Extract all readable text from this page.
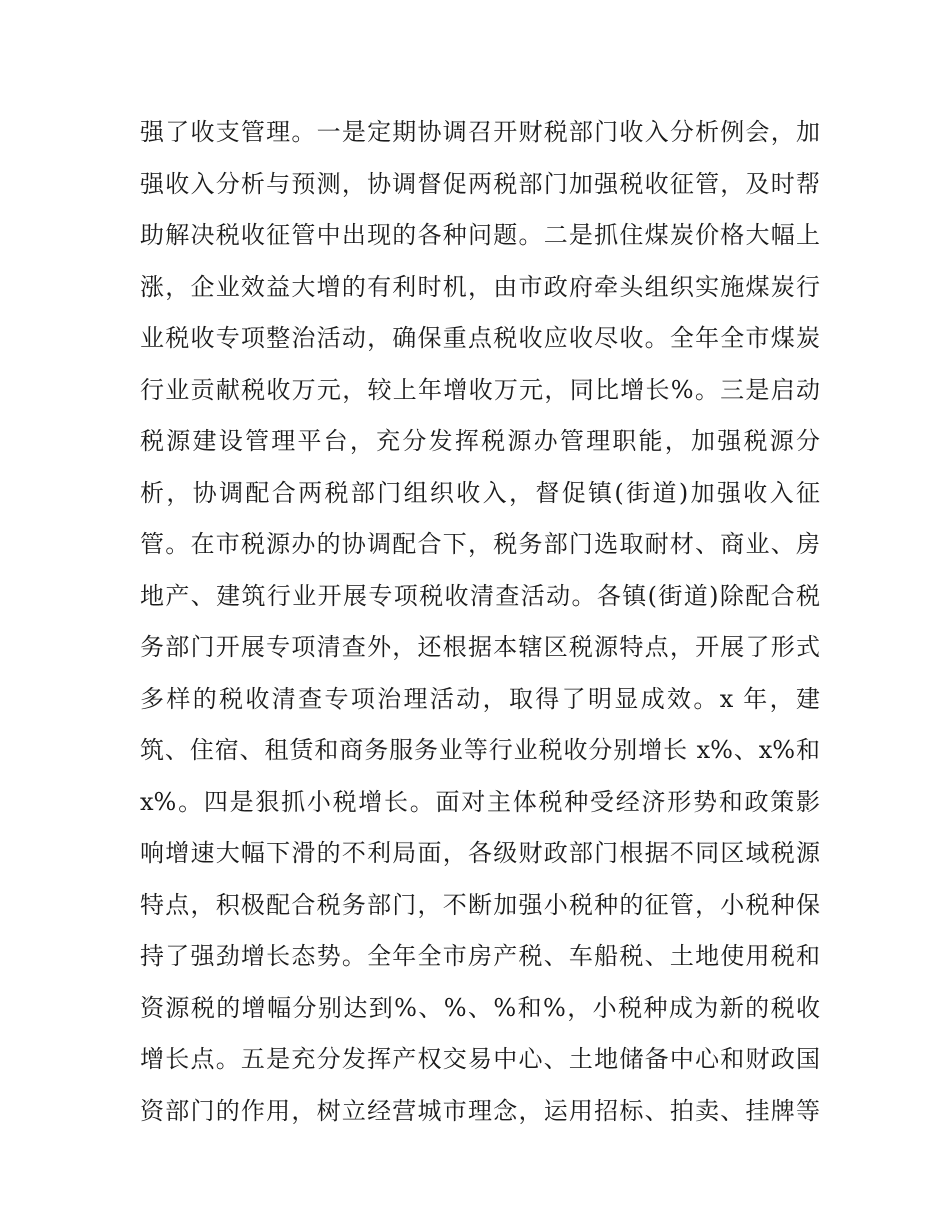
强了收支管理。一是定期协调召开财税部门收入分析例会，加
强收入分析与预测，协调督促两税部门加强税收征管，及时帮
助解决税收征管中出现的各种问题。二是抓住煤炭价格大幅上
涨，企业效益大增的有利时机，由市政府牵头组织实施煤炭行
业税收专项整治活动，确保重点税收应收尽收。全年全市煤炭
行业贡献税收万元，较上年增收万元，同比增长%。三是启动
税源建设管理平台，充分发挥税源办管理职能，加强税源分
析，协调配合两税部门组织收入，督促镇(街道)加强收入征
管。在市税源办的协调配合下，税务部门选取耐材、商业、房
地产、建筑行业开展专项税收清查活动。各镇(街道)除配合税
务部门开展专项清查外，还根据本辖区税源特点，开展了形式
多样的税收清查专项治理活动，取得了明显成效。x 年，建
筑、住宿、租赁和商务服务业等行业税收分别增长 x%、x%和
x%。四是狠抓小税增长。面对主体税种受经济形势和政策影
响增速大幅下滑的不利局面，各级财政部门根据不同区域税源
特点，积极配合税务部门，不断加强小税种的征管，小税种保
持了强劲增长态势。全年全市房产税、车船税、土地使用税和
资源税的增幅分别达到%、%、%和%，小税种成为新的税收
增长点。五是充分发挥产权交易中心、土地储备中心和财政国
资部门的作用，树立经营城市理念，运用招标、拍卖、挂牌等
